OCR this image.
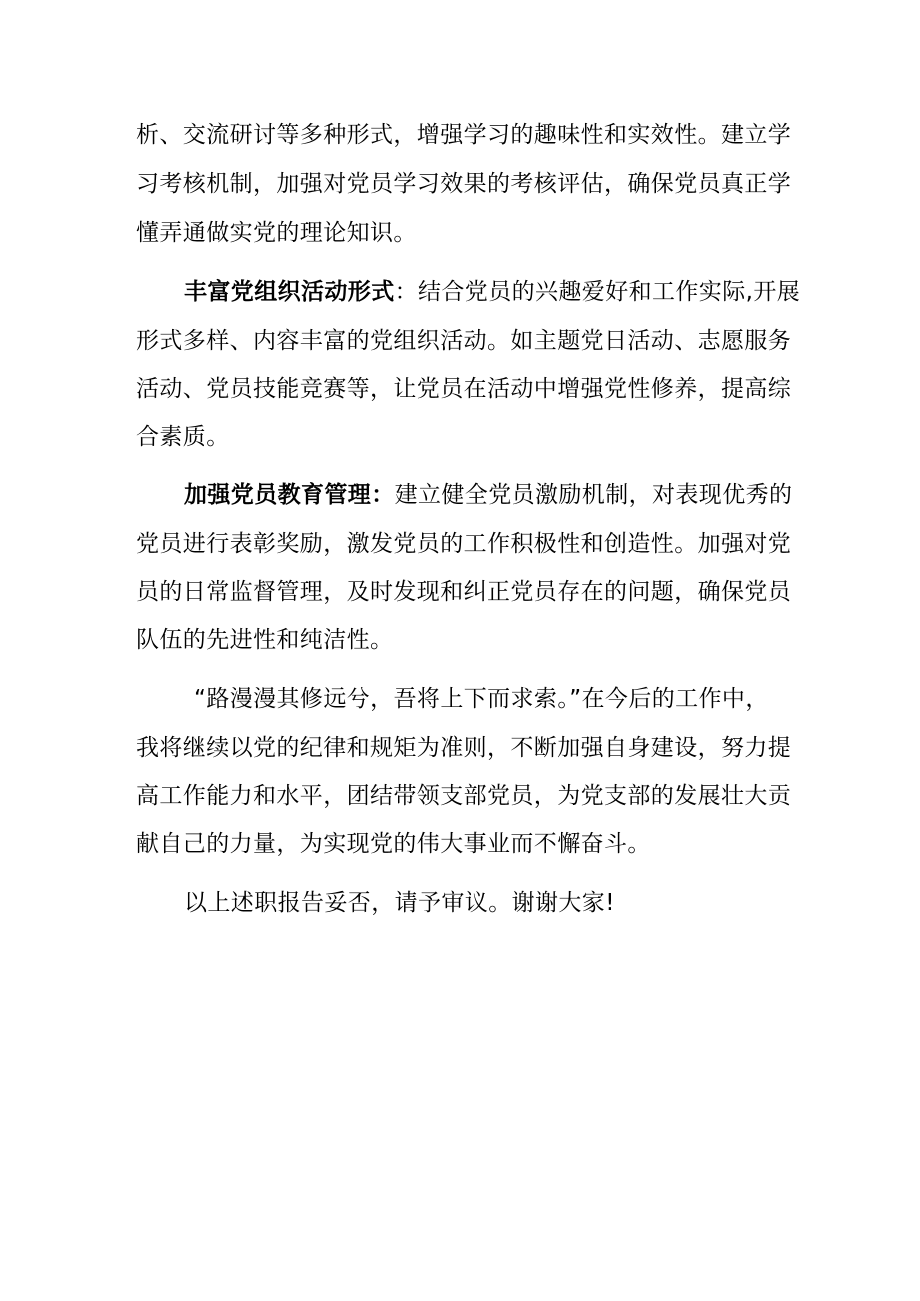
析、交流研讨等多种形式，增强学习的趣味性和实效性。建立学
习考核机制，加强对党员学习效果的考核评估，确保党员真正学
懂弄通做实党的理论知识。
丰富党组织活动形式：结合党员的兴趣爱好和工作实际,开展
形式多样、内容丰富的党组织活动。如主题党日活动、志愿服务
活动、党员技能竞赛等，让党员在活动中增强党性修养，提高综
合素质。
加强党员教育管理：建立健全党员激励机制，对表现优秀的
党员进行表彰奖励，激发党员的工作积极性和创造性。加强对党
员的日常监督管理，及时发现和纠正党员存在的问题，确保党员
队伍的先进性和纯洁性。
“路漫漫其修远兮，吾将上下而求索。”在今后的工作中，
我将继续以党的纪律和规矩为准则，不断加强自身建设，努力提
高工作能力和水平，团结带领支部党员，为党支部的发展壮大贡
献自己的力量，为实现党的伟大事业而不懈奋斗。
以上述职报告妥否，请予审议。谢谢大家!
